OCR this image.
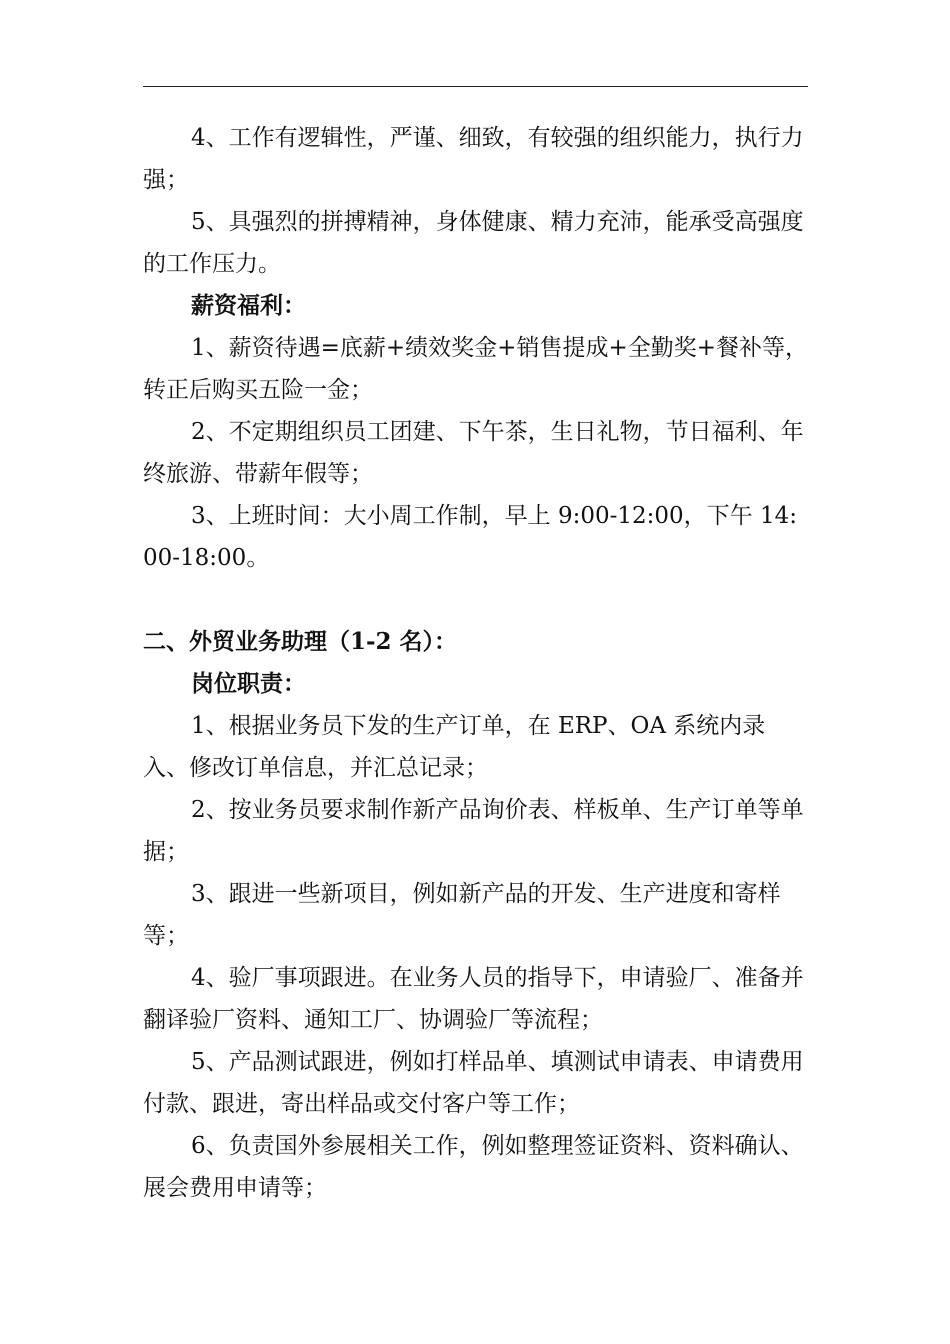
4、工作有逻辑性，严谨、细致，有较强的组织能力，执行力强；

5、具强烈的拼搏精神，身体健康、精力充沛，能承受高强度的工作压力。

薪资福利：

1、薪资待遇=底薪+绩效奖金+销售提成+全勤奖+餐补等，转正后购买五险一金；

2、不定期组织员工团建、下午茶，生日礼物，节日福利、年终旅游、带薪年假等；

3、上班时间：大小周工作制，早上 9:00-12:00，下午 14:00-18:00。

二、外贸业务助理（1-2 名）：

岗位职责：

1、根据业务员下发的生产订单，在 ERP、OA 系统内录入、修改订单信息，并汇总记录；

2、按业务员要求制作新产品询价表、样板单、生产订单等单据；

3、跟进一些新项目，例如新产品的开发、生产进度和寄样等；

4、验厂事项跟进。在业务人员的指导下，申请验厂、准备并翻译验厂资料、通知工厂、协调验厂等流程；

5、产品测试跟进，例如打样品单、填测试申请表、申请费用付款、跟进，寄出样品或交付客户等工作；

6、负责国外参展相关工作，例如整理签证资料、资料确认、展会费用申请等；
